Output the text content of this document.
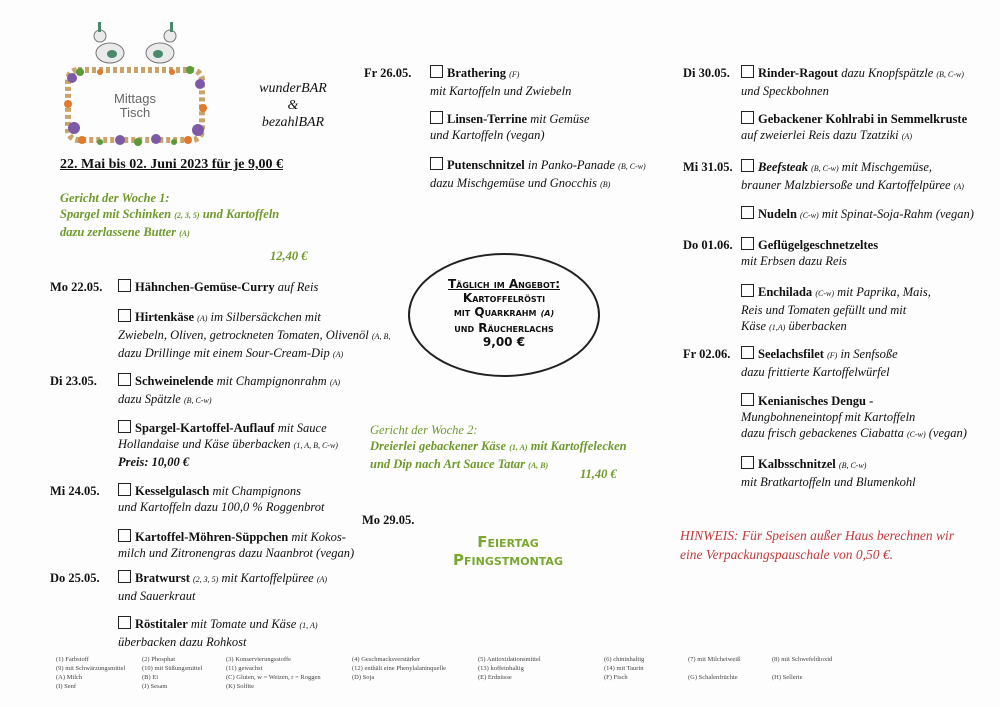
Mittags
Tisch
wunderBAR
&
bezahlBAR
22. Mai bis 02. Juni 2023 für je 9,00 €
Gericht der Woche 1:
Spargel mit Schinken (2, 3, 5) und Kartoffeln
dazu zerlassene Butter (A)
12,40 €
Mo 22.05.	Hähnchen-Gemüse-Curry auf Reis
Hirtenkäse (A) im Silbersäckchen mit
Zwiebeln, Oliven, getrockneten Tomaten, Olivenöl (A, B,
dazu Drillinge mit einem Sour-Cream-Dip (A)
Di 23.05.	Schweinelende mit Champignonrahm (A)
dazu Spätzle (B, C-w)
Spargel-Kartoffel-Auflauf mit Sauce
Hollandaise und Käse überbacken (1, A, B, C-w)
Preis: 10,00 €
Mi 24.05.	Kesselgulasch mit Champignons
und Kartoffeln dazu 100,0 % Roggenbrot
Kartoffel-Möhren-Süppchen mit Kokos-
milch und Zitronengras dazu Naanbrot (vegan)
Do 25.05.	Bratwurst (2, 3, 5) mit Kartoffelpüree (A)
und Sauerkraut
Röstitaler mit Tomate und Käse (1, A)
überbacken dazu Rohkost
Fr 26.05.	Brathering (F)
mit Kartoffeln und Zwiebeln
Linsen-Terrine mit Gemüse
und Kartoffeln (vegan)
Putenschnitzel in Panko-Panade (B, C-w)
dazu Mischgemüse und Gnocchis (B)
Täglich im Angebot:
Kartoffelrösti
mit Quarkrahm (A)
und Räucherlachs
9,00 €
Gericht der Woche 2:
Dreierlei gebackener Käse (1, A) mit Kartoffelecken
und Dip nach Art Sauce Tatar (A, B)
11,40 €
Mo 29.05.
Feiertag
Pfingstmontag
Di 30.05.	Rinder-Ragout dazu Knopfspätzle (B, C-w)
und Speckbohnen
Gebackener Kohlrabi in Semmelkruste
auf zweierlei Reis dazu Tzatziki (A)
Mi 31.05.	Beefsteak (B, C-w) mit Mischgemüse,
brauner Malzbiersoße und Kartoffelpüree (A)
Nudeln (C-w) mit Spinat-Soja-Rahm (vegan)
Do 01.06.	Geflügelgeschnetzeltes
mit Erbsen dazu Reis
Enchilada (C-w) mit Paprika, Mais,
Reis und Tomaten gefüllt und mit
Käse (1,A) überbacken
Fr 02.06.	Seelachsfilet (F) in Senfsoße
dazu frittierte Kartoffelwürfel
Kenianisches Dengu -
Mungbohneneintopf mit Kartoffeln
dazu frisch gebackenes Ciabatta (C-w) (vegan)
Kalbsschnitzel (B, C-w)
mit Bratkartoffeln und Blumenkohl
HINWEIS: Für Speisen außer Haus berechnen wir
eine Verpackungspauschale von 0,50 €.
(1) Farbstoff
(9) mit Schwärzungsmittel
(A) Milch
(I) Senf
(2) Phosphat
(10) mit Süßungsmittel
(B) Ei
(J) Sesam
(3) Konservierungsstoffe
(11) gewachst
(C) Gluten, w = Weizen, r = Roggen
(K) Solfite
(4) Geschmacksverstärker
(12) enthält eine Phenylalaninquelle
(D) Soja
(5) Antioxidationsmittel
(13) koffeinhaltig
(E) Erdnüsse
(6) chininhaltig
(14) mit Taurin
(F) Fisch
(7) mit Milcheiweiß
(G) Schalenfrüchte
(8) mit Schwefeldioxid
(H) Sellerie
